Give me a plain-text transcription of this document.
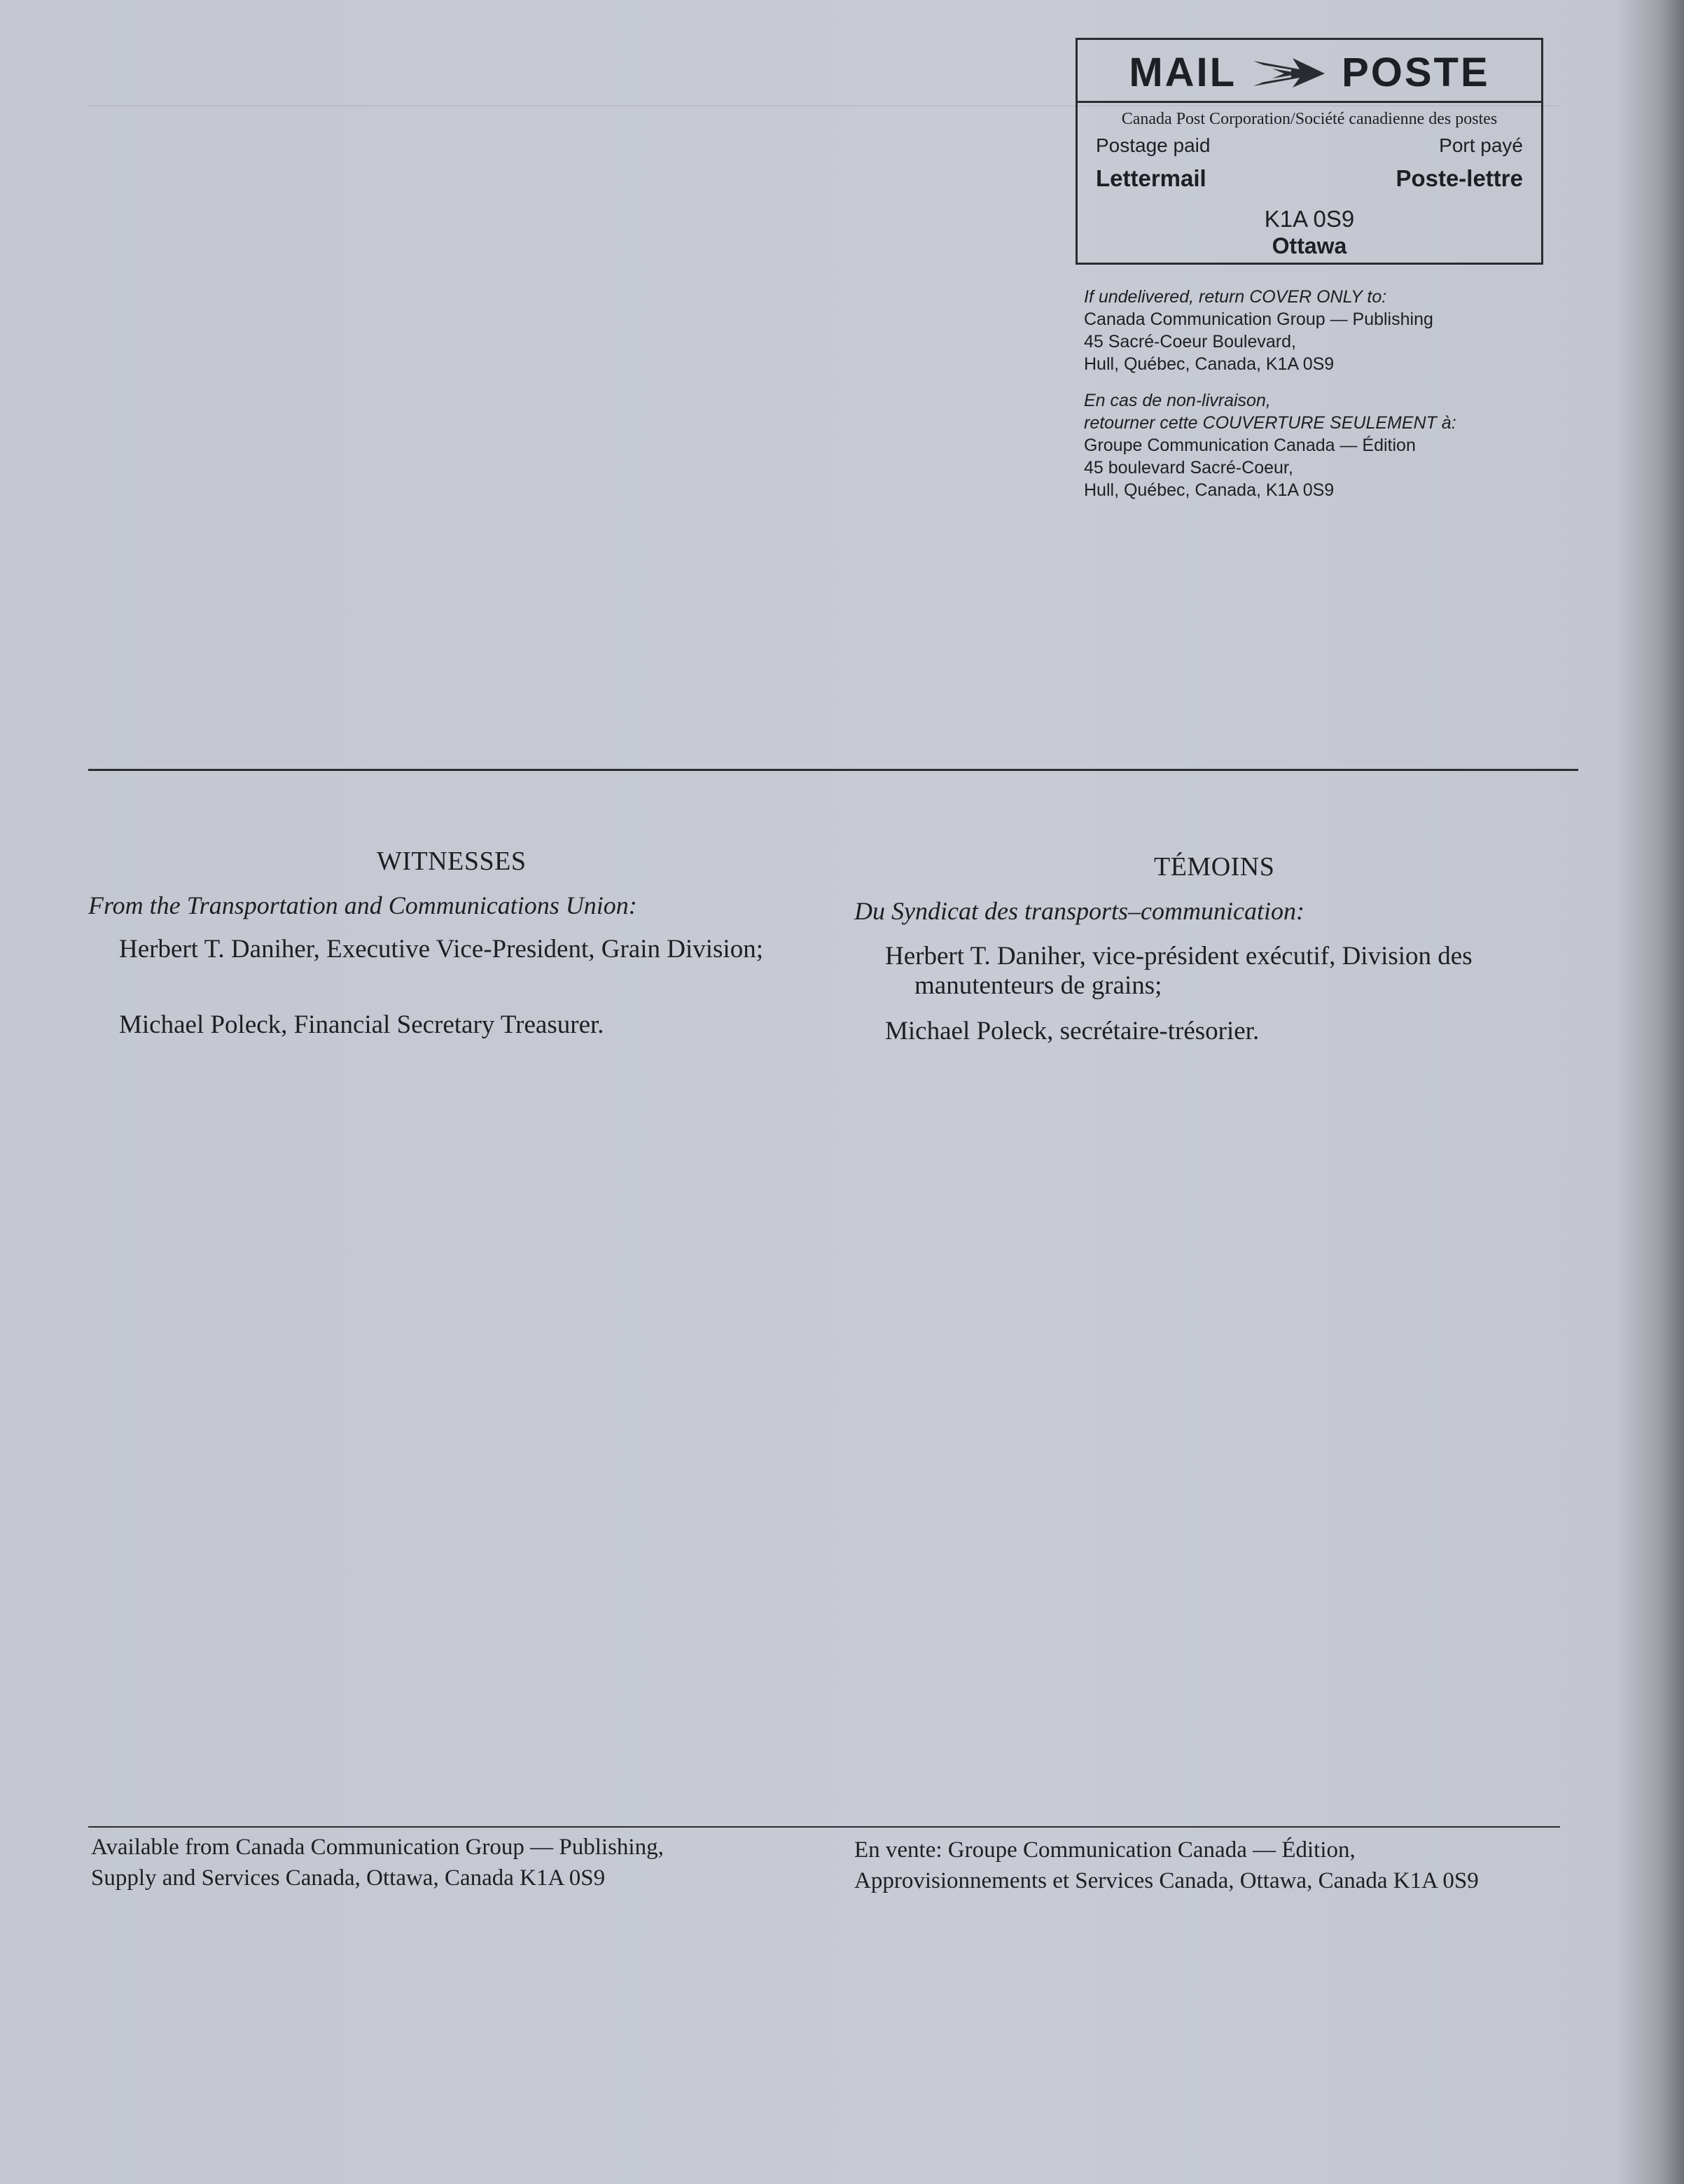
MAIL	POSTE
Canada Post Corporation/Société canadienne des postes
Postage paid	Port payé
Lettermail	Poste-lettre
K1A 0S9
Ottawa

If undelivered, return COVER ONLY to:

Canada Communication Group — Publishing

45 Sacré-Coeur Boulevard,

Hull, Québec, Canada, K1A 0S9

En cas de non-livraison,

retourner cette COUVERTURE SEULEMENT à:

Groupe Communication Canada — Édition

45 boulevard Sacré-Coeur,

Hull, Québec, Canada, K1A 0S9

WITNESSES
From the Transportation and Communications Union:
Herbert T. Daniher, Executive Vice-President, Grain Division;
Michael Poleck, Financial Secretary Treasurer.
TÉMOINS
Du Syndicat des transports–communication:
Herbert T. Daniher, vice-président exécutif, Division des manutenteurs de grains;
Michael Poleck, secrétaire-trésorier.
Available from Canada Communication Group — Publishing,
Supply and Services Canada, Ottawa, Canada K1A 0S9
En vente: Groupe Communication Canada — Édition,
Approvisionnements et Services Canada, Ottawa, Canada K1A 0S9
